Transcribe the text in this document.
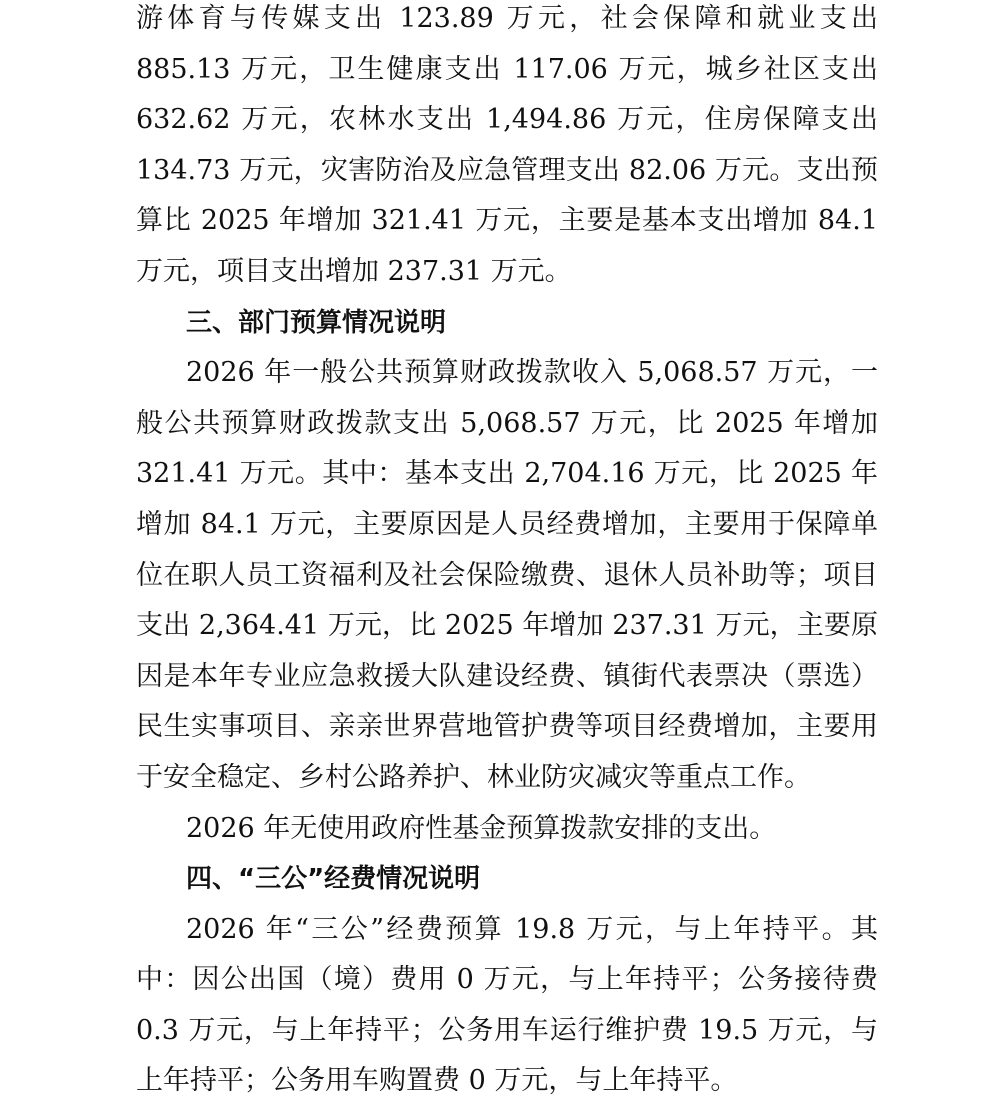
游体育与传媒支出 123.89 万元，社会保障和就业支出 885.13 万元，卫生健康支出 117.06 万元，城乡社区支出 632.62 万元，农林水支出 1,494.86 万元，住房保障支出 134.73 万元，灾害防治及应急管理支出 82.06 万元。支出预算比 2025 年增加 321.41 万元，主要是基本支出增加 84.1 万元，项目支出增加 237.31 万元。

三、部门预算情况说明

2026 年一般公共预算财政拨款收入 5,068.57 万元，一般公共预算财政拨款支出 5,068.57 万元，比 2025 年增加 321.41 万元。其中：基本支出 2,704.16 万元，比 2025 年增加 84.1 万元，主要原因是人员经费增加，主要用于保障单位在职人员工资福利及社会保险缴费、退休人员补助等；项目支出 2,364.41 万元，比 2025 年增加 237.31 万元，主要原因是本年专业应急救援大队建设经费、镇街代表票决（票选）民生实事项目、亲亲世界营地管护费等项目经费增加，主要用于安全稳定、乡村公路养护、林业防灾减灾等重点工作。

2026 年无使用政府性基金预算拨款安排的支出。

四、“三公”经费情况说明

2026 年“三公”经费预算 19.8 万元，与上年持平。其中：因公出国（境）费用 0 万元，与上年持平；公务接待费 0.3 万元，与上年持平；公务用车运行维护费 19.5 万元，与上年持平；公务用车购置费 0 万元，与上年持平。
